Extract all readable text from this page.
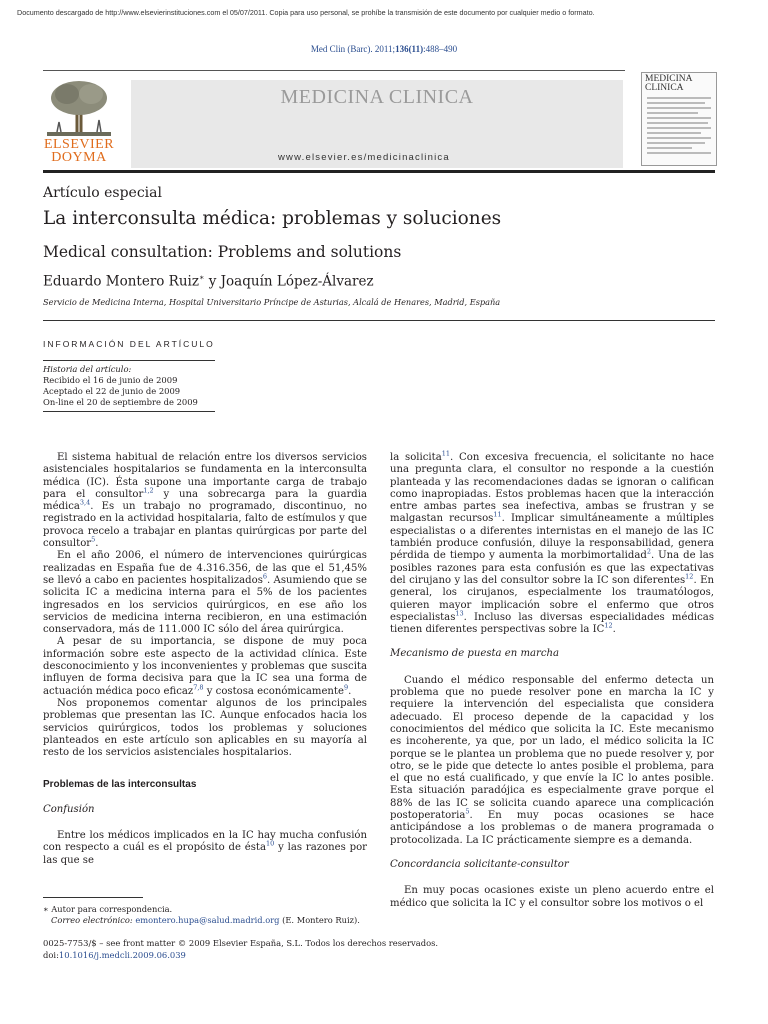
Documento descargado de http://www.elsevierinstituciones.com el 05/07/2011. Copia para uso personal, se prohíbe la transmisión de este documento por cualquier medio o formato.
Med Clin (Barc). 2011;136(11):488–490
ELSEVIER
DOYMA
MEDICINA CLINICA
www.elsevier.es/medicinaclinica
MEDICINA
CLINICA
Artículo especial
La interconsulta médica: problemas y soluciones
Medical consultation: Problems and solutions
Eduardo Montero Ruiz∗ y Joaquín López-Álvarez
Servicio de Medicina Interna, Hospital Universitario Príncipe de Asturias, Alcalá de Henares, Madrid, España
INFORMACIÓN DEL ARTÍCULO
Historia del artículo:
Recibido el 16 de junio de 2009
Aceptado el 22 de junio de 2009
On-line el 20 de septiembre de 2009

El sistema habitual de relación entre los diversos servicios asistenciales hospitalarios se fundamenta en la interconsulta médica (IC). Ésta supone una importante carga de trabajo para el consultor$^{1,2}$ y una sobrecarga para la guardia médica$^{3,4}$. Es un trabajo no programado, discontinuo, no registrado en la actividad hospitalaria, falto de estímulos y que provoca recelo a trabajar en plantas quirúrgicas por parte del consultor$^5$.

En el año 2006, el número de intervenciones quirúrgicas realizadas en España fue de 4.316.356, de las que el 51,45% se llevó a cabo en pacientes hospitalizados$^6$. Asumiendo que se solicita IC a medicina interna para el 5% de los pacientes ingresados en los servicios quirúrgicos, en ese año los servicios de medicina interna recibieron, en una estimación conservadora, más de 111.000 IC sólo del área quirúrgica.

A pesar de su importancia, se dispone de muy poca información sobre este aspecto de la actividad clínica. Este desconocimiento y los inconvenientes y problemas que suscita influyen de forma decisiva para que la IC sea una forma de actuación médica poco eficaz$^{7,8}$ y costosa económicamente$^9$.

Nos proponemos comentar algunos de los principales problemas que presentan las IC. Aunque enfocados hacia los servicios quirúrgicos, todos los problemas y soluciones planteados en este artículo son aplicables en su mayoría al resto de los servicios asistenciales hospitalarios.

Problemas de las interconsultas

Confusión

Entre los médicos implicados en la IC hay mucha confusión con respecto a cuál es el propósito de ésta$^{10}$ y las razones por las que se

la solicita$^{11}$. Con excesiva frecuencia, el solicitante no hace una pregunta clara, el consultor no responde a la cuestión planteada y las recomendaciones dadas se ignoran o califican como inapropiadas. Estos problemas hacen que la interacción entre ambas partes sea inefectiva, ambas se frustran y se malgastan recursos$^{11}$. Implicar simultáneamente a múltiples especialistas o a diferentes internistas en el manejo de las IC también produce confusión, diluye la responsabilidad, genera pérdida de tiempo y aumenta la morbimortalidad$^2$. Una de las posibles razones para esta confusión es que las expectativas del cirujano y las del consultor sobre la IC son diferentes$^{12}$. En general, los cirujanos, especialmente los traumatólogos, quieren mayor implicación sobre el enfermo que otros especialistas$^{13}$. Incluso las diversas especialidades médicas tienen diferentes perspectivas sobre la IC$^{12}$.

Mecanismo de puesta en marcha

Cuando el médico responsable del enfermo detecta un problema que no puede resolver pone en marcha la IC y requiere la intervención del especialista que considera adecuado. El proceso depende de la capacidad y los conocimientos del médico que solicita la IC. Este mecanismo es incoherente, ya que, por un lado, el médico solicita la IC porque se le plantea un problema que no puede resolver y, por otro, se le pide que detecte lo antes posible el problema, para el que no está cualificado, y que envíe la IC lo antes posible. Esta situación paradójica es especialmente grave porque el 88% de las IC se solicita cuando aparece una complicación postoperatoria$^5$. En muy pocas ocasiones se hace anticipándose a los problemas o de manera programada o protocolizada. La IC prácticamente siempre es a demanda.

Concordancia solicitante-consultor

En muy pocas ocasiones existe un pleno acuerdo entre el médico que solicita la IC y el consultor sobre los motivos o el

∗ Autor para correspondencia.
Correo electrónico: emontero.hupa@salud.madrid.org (E. Montero Ruiz).
0025-7753/$ – see front matter © 2009 Elsevier España, S.L. Todos los derechos reservados.
doi:10.1016/j.medcli.2009.06.039
